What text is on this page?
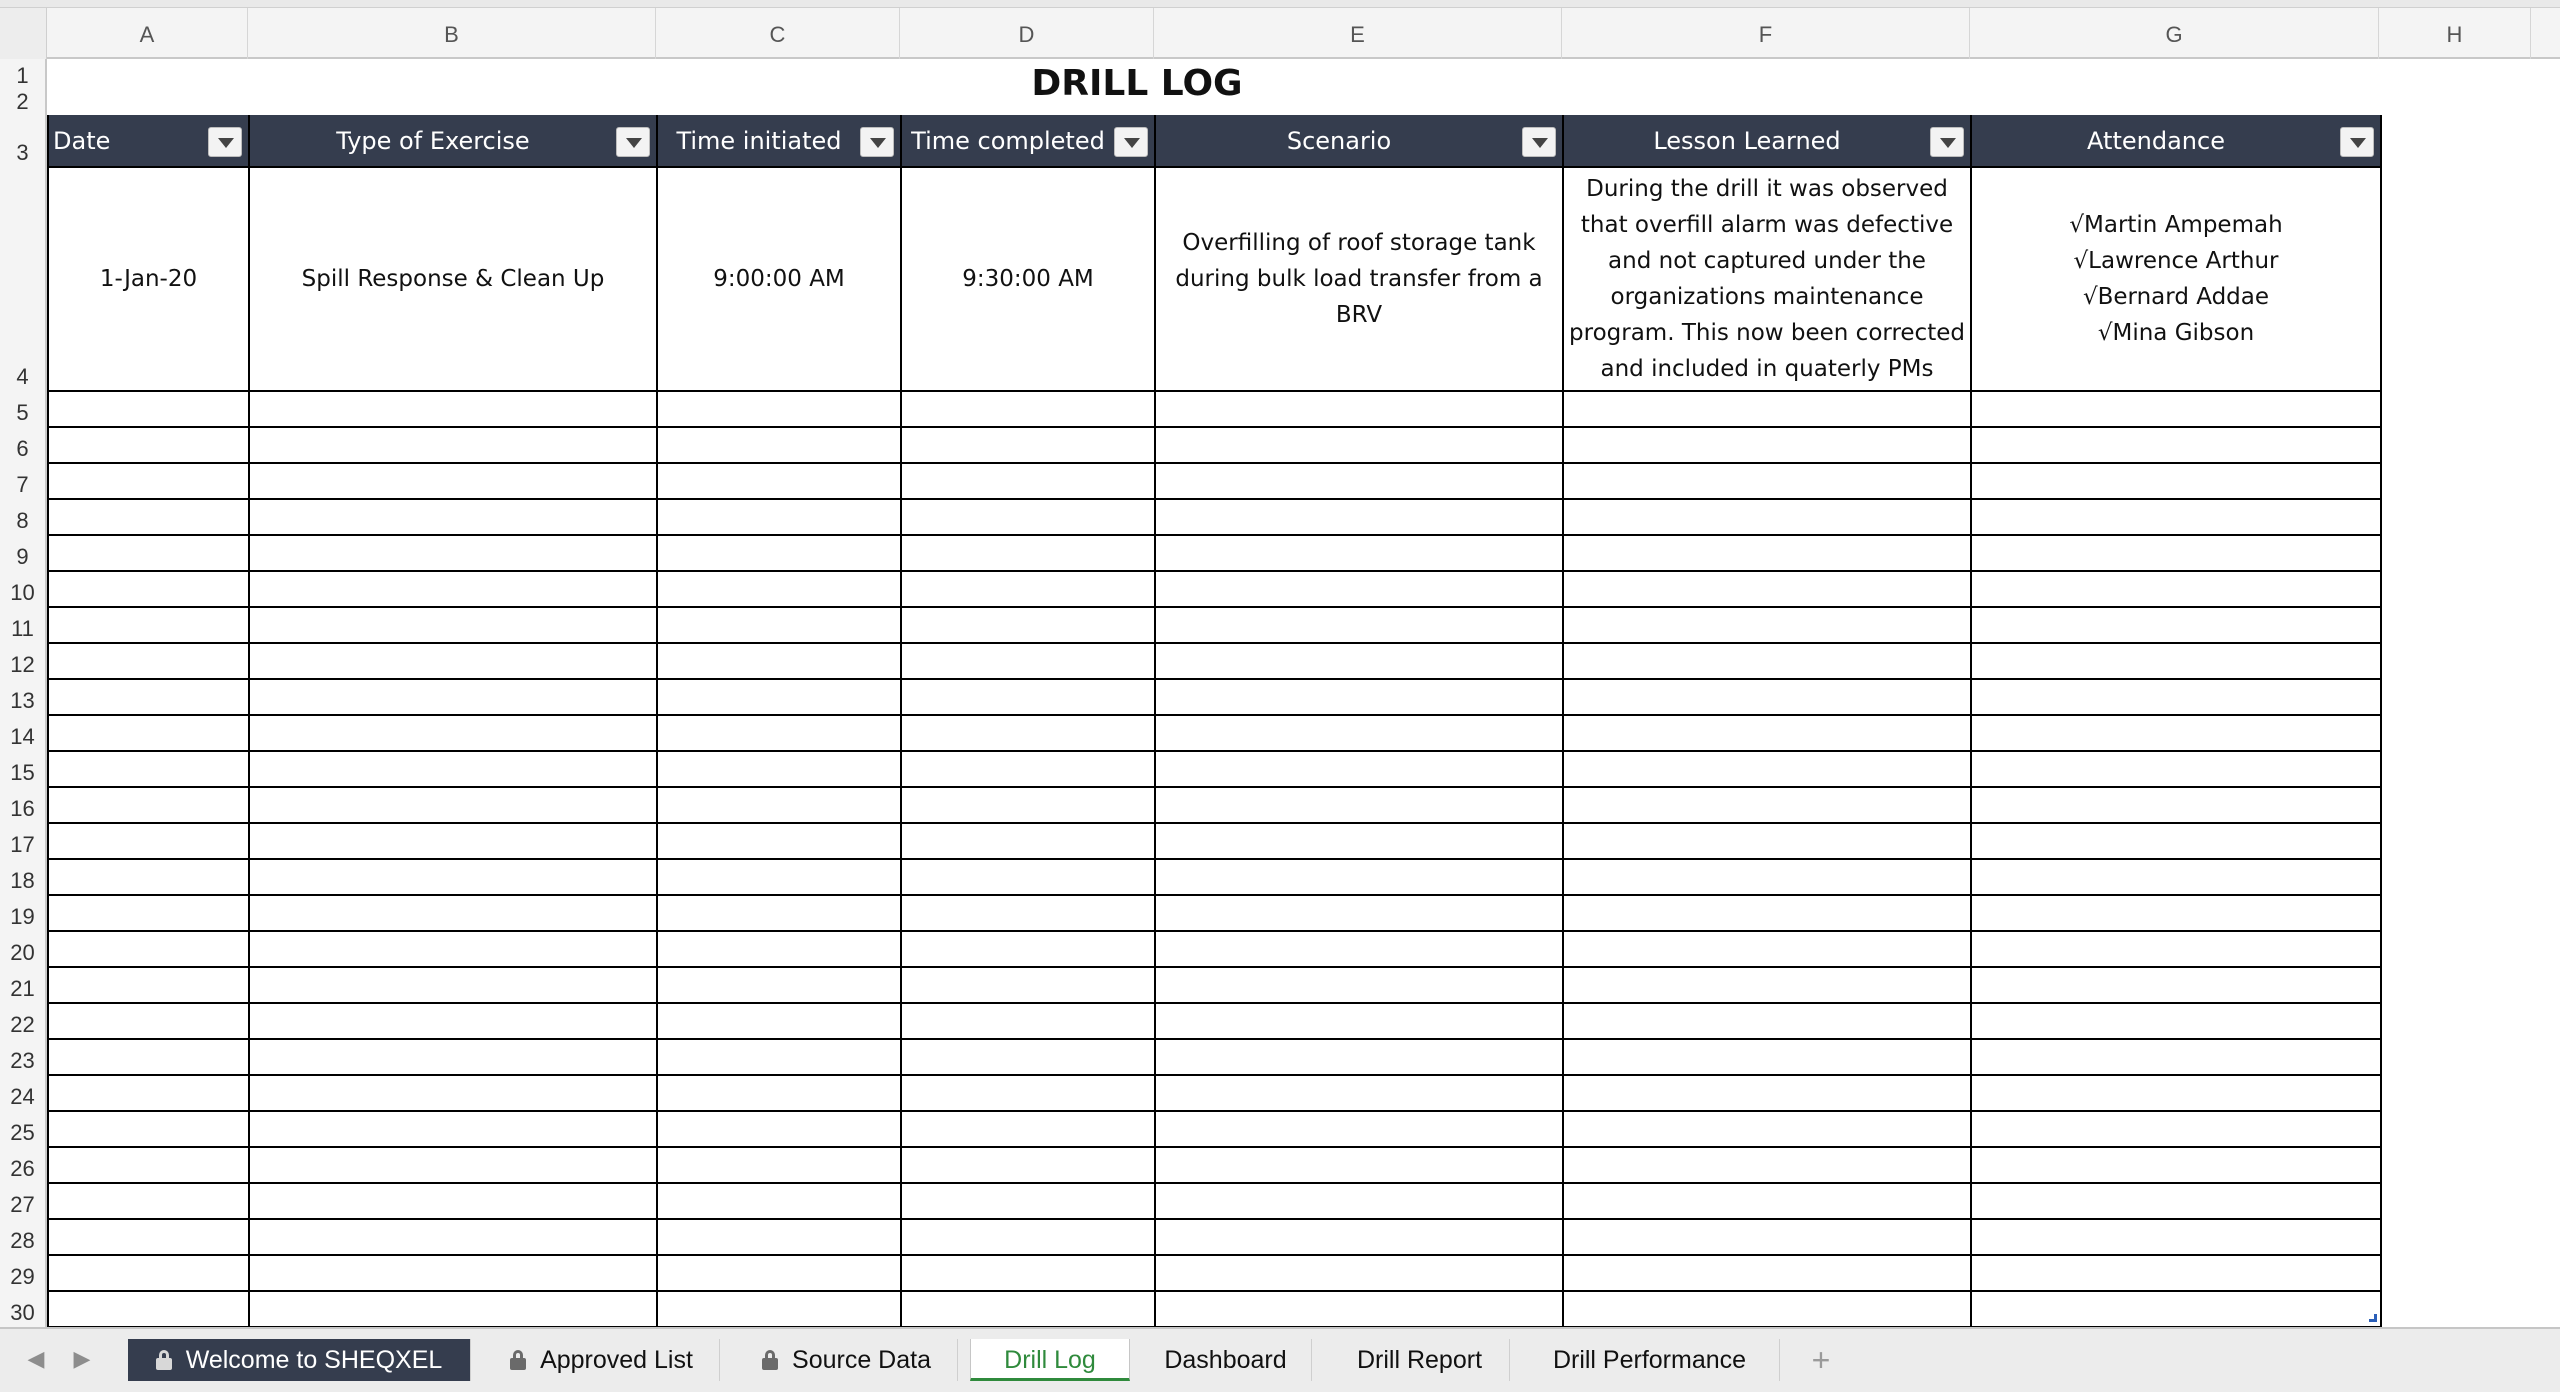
A	B	C	D	E	F	G	H
1
2
3
4
5
6
7
8
9
10
11
12
13
14
15
16
17
18
19
20
21
22
23
24
25
26
27
28
29
30
DRILL LOG
Date	Type of Exercise	Time initiated	Time completed	Scenario	Lesson Learned	Attendance

1-Jan-20	Spill Response & Clean Up	9:00:00 AM	9:30:00 AM	Overfilling of roof storage tank during bulk load transfer from a BRV	During the drill it was observed that overfill alarm was defective and not captured under the organizations maintenance program. This now been corrected and included in quaterly PMs	√Martin Ampemah
√Lawrence Arthur
√Bernard Addae
√Mina Gibson

◀ ▶	Welcome to SHEQXEL	Approved List	Source Data	Drill Log	Dashboard	Drill Report	Drill Performance	+
